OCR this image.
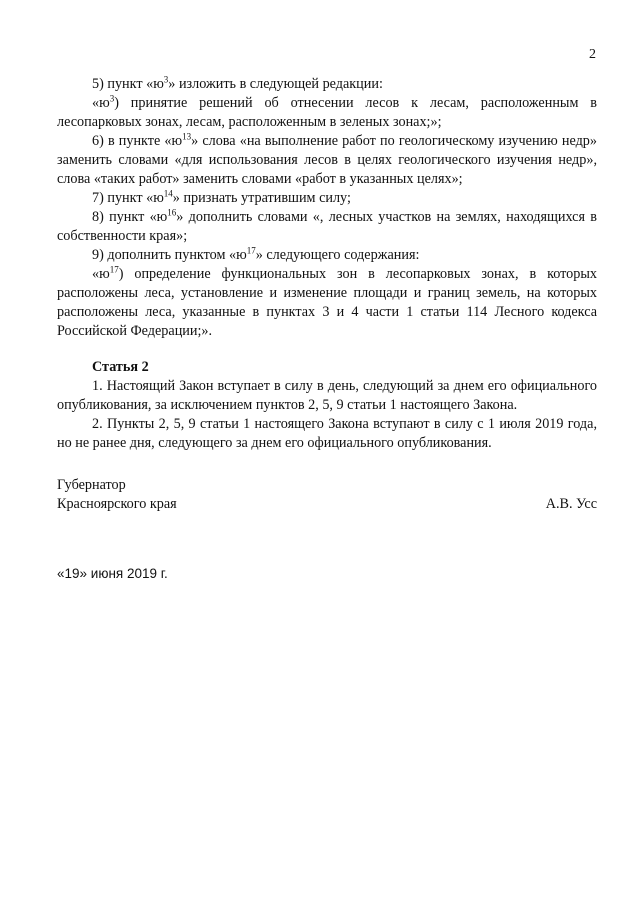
2

5) пункт «$ю^3$» изложить в следующей редакции:

«$ю^3$) принятие решений об отнесении лесов к лесам, расположенным в лесопарковых зонах, лесам, расположенным в зеленых зонах;»;

6) в пункте «$ю^{13}$» слова «на выполнение работ по геологическому изучению недр» заменить словами «для использования лесов в целях геологического изучения недр», слова «таких работ» заменить словами «работ в указанных целях»;

7) пункт «$ю^{14}$» признать утратившим силу;

8) пункт «$ю^{16}$» дополнить словами «, лесных участков на землях, находящихся в собственности края»;

9) дополнить пунктом «$ю^{17}$» следующего содержания:

«$ю^{17}$) определение функциональных зон в лесопарковых зонах, в которых расположены леса, установление и изменение площади и границ земель, на которых расположены леса, указанные в пунктах 3 и 4 части 1 статьи 114 Лесного кодекса Российской Федерации;».

Статья 2

1. Настоящий Закон вступает в силу в день, следующий за днем его официального опубликования, за исключением пунктов 2, 5, 9 статьи 1 настоящего Закона.

2. Пункты 2, 5, 9 статьи 1 настоящего Закона вступают в силу с 1 июля 2019 года, но не ранее дня, следующего за днем его официального опубликования.

Губернатор
Красноярского края	А.В. Усс
«19» июня 2019 г.
